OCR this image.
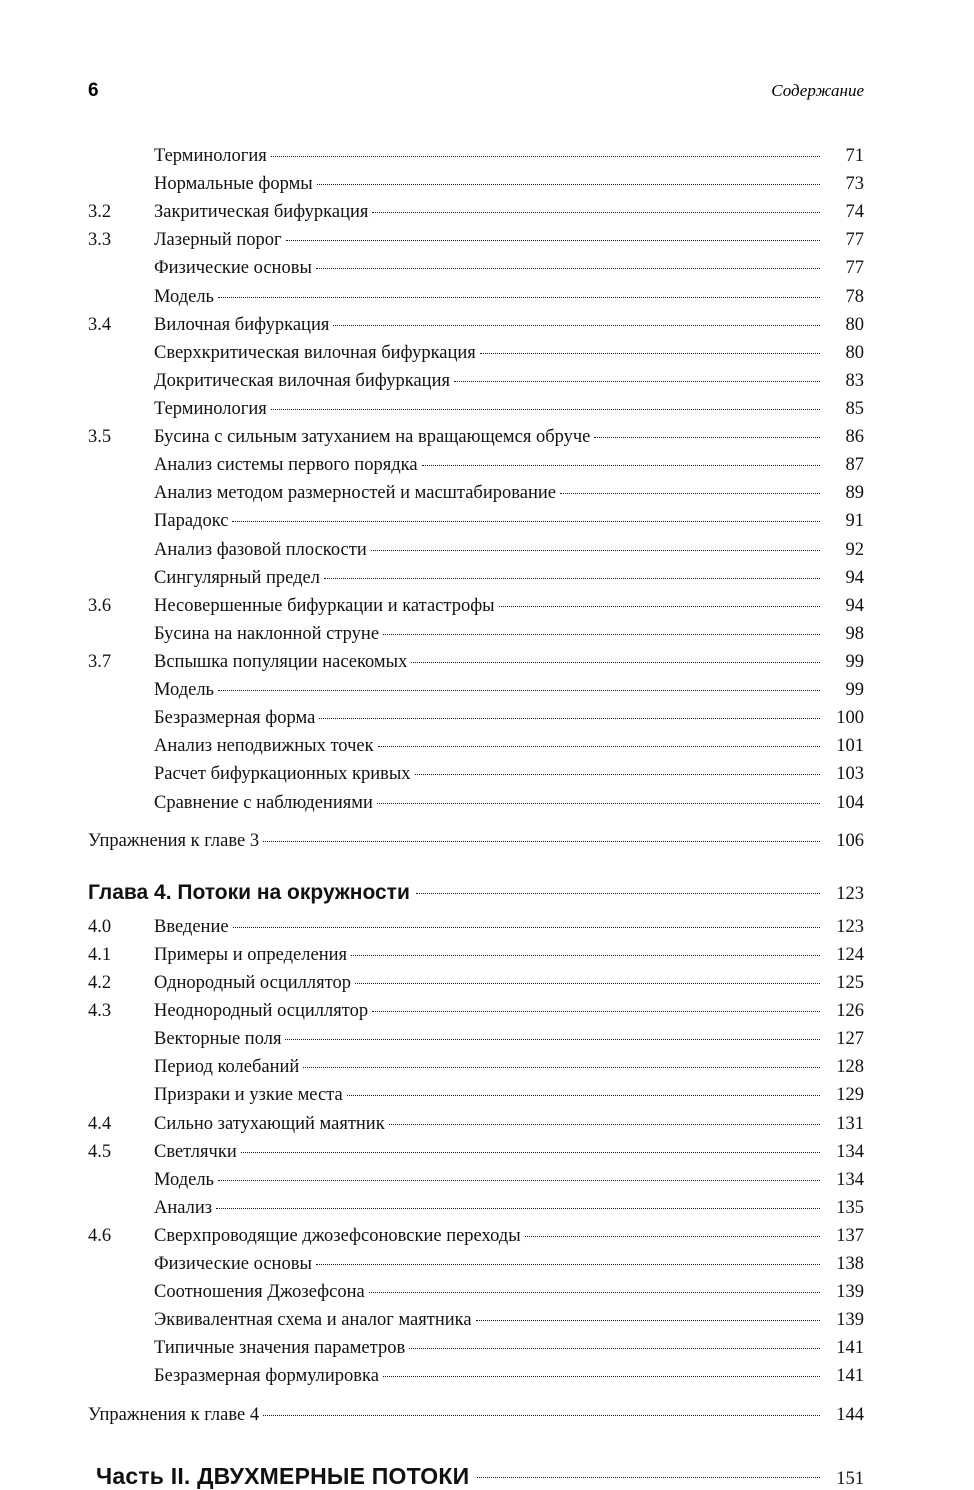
6	Содержание
Терминология	71
Нормальные формы	73
3.2	Закритическая бифуркация	74
3.3	Лазерный порог	77
Физические основы	77
Модель	78
3.4	Вилочная бифуркация	80
Сверхкритическая вилочная бифуркация	80
Докритическая вилочная бифуркация	83
Терминология	85
3.5	Бусина с сильным затуханием на вращающемся обруче	86
Анализ системы первого порядка	87
Анализ методом размерностей и масштабирование	89
Парадокс	91
Анализ фазовой плоскости	92
Сингулярный предел	94
3.6	Несовершенные бифуркации и катастрофы	94
Бусина на наклонной струне	98
3.7	Вспышка популяции насекомых	99
Модель	99
Безразмерная форма	100
Анализ неподвижных точек	101
Расчет бифуркационных кривых	103
Сравнение с наблюдениями	104
Упражнения к главе 3	106
Глава 4. Потоки на окружности	123
4.0	Введение	123
4.1	Примеры и определения	124
4.2	Однородный осциллятор	125
4.3	Неоднородный осциллятор	126
Векторные поля	127
Период колебаний	128
Призраки и узкие места	129
4.4	Сильно затухающий маятник	131
4.5	Светлячки	134
Модель	134
Анализ	135
4.6	Сверхпроводящие джозефсоновские переходы	137
Физические основы	138
Соотношения Джозефсона	139
Эквивалентная схема и аналог маятника	139
Типичные значения параметров	141
Безразмерная формулировка	141
Упражнения к главе 4	144
Часть II. ДВУХМЕРНЫЕ ПОТОКИ	151
